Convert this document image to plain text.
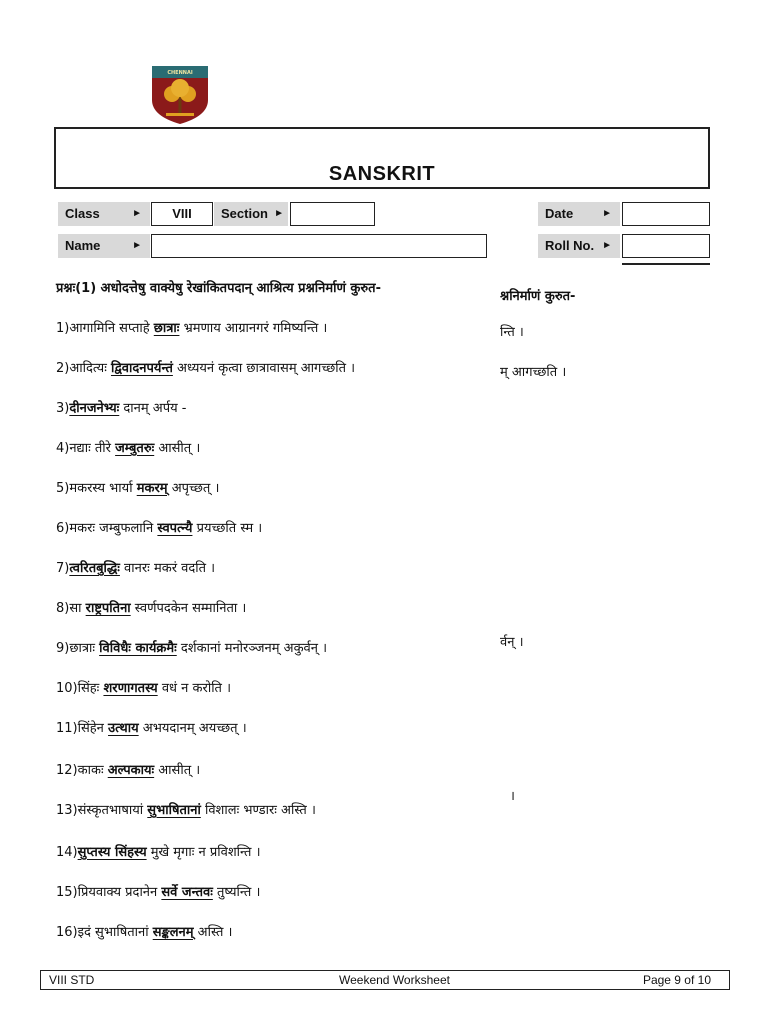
CHENNAI
SANSKRIT
Class	►	VIII	Section ►	Date	►
Name	►	Roll No. ►
प्रश्नः(1) अधोदत्तेषु वाक्येषु रेखांकितपदान् आश्रित्य प्रश्ननिर्माणं कुरुत-
1)आगामिनि सप्ताहे छात्राः भ्रमणाय आग्रानगरं गमिष्यन्ति ।
2)आदित्यः द्विवादनपर्यन्तं अध्ययनं कृत्वा छात्रावासम् आगच्छति ।
3)दीनजनेभ्यः दानम् अर्पय -
4)नद्याः तीरे जम्बुतरुः आसीत् ।
5)मकरस्य भार्या मकरम् अपृच्छत् ।
6)मकरः जम्बुफलानि स्वपत्न्यै प्रयच्छति स्म ।
7)त्वरितबुद्धिः वानरः मकरं वदति ।
8)सा राष्ट्रपतिना स्वर्णपदकेन सम्मानिता ।
9)छात्राः विविधैः कार्यक्रमैः दर्शकानां मनोरञ्जनम् अकुर्वन् ।
10)सिंहः शरणागतस्य वधं न करोति ।
11)सिंहेन उत्थाय अभयदानम् अयच्छत् ।
12)काकः अल्पकायः आसीत् ।
13)संस्कृतभाषायां सुभाषितानां विशालः भण्डारः अस्ति ।
14)सुप्तस्य सिंहस्य मुखे मृगाः न प्रविशन्ति ।
15)प्रियवाक्य प्रदानेन सर्वे जन्तवः तुष्यन्ति ।
16)इदं सुभाषितानां सङ्कलनम् अस्ति ।
श्ननिर्माणं कुरुत-
न्ति ।
म् आगच्छति ।
र्वन् ।
।
VIII STD	Weekend Worksheet	Page 9 of 10
